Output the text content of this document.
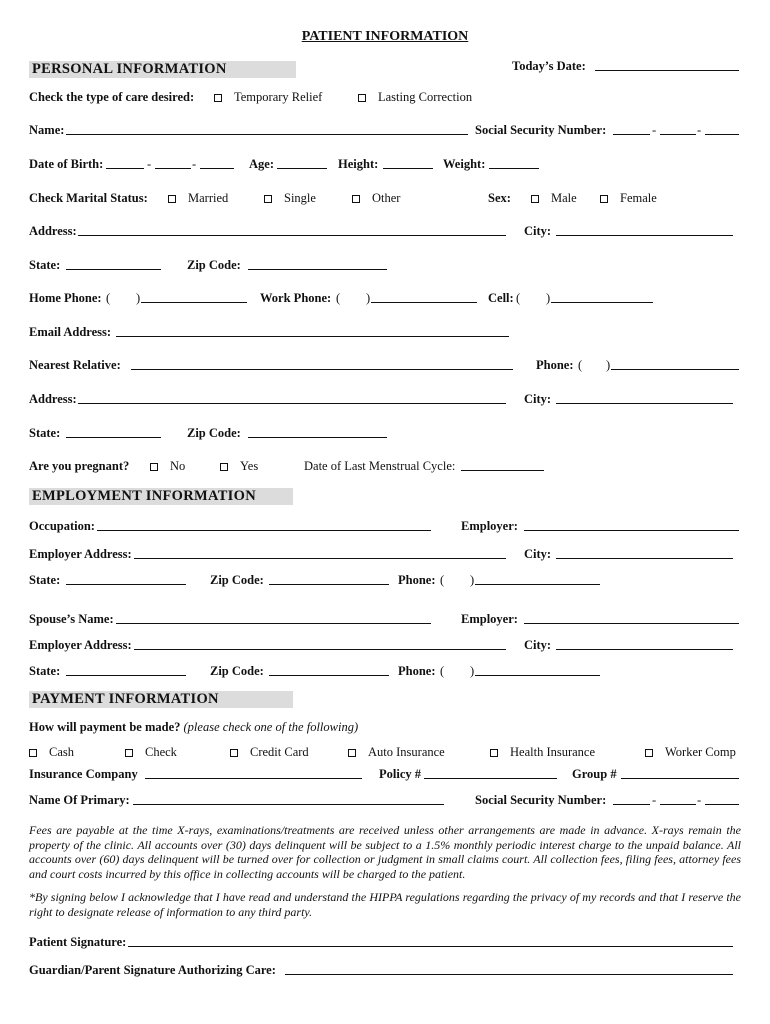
PATIENT INFORMATION
PERSONAL INFORMATION	Today’s Date:
Check the type of care desired:	Temporary Relief	Lasting Correction
Name:	Social Security Number:	-	-
Date of Birth:	-	-	Age:	Height:	Weight:
Check Marital Status:	Married	Single	Other	Sex:	Male	Female
Address:	City:
State:	Zip Code:
Home Phone: ( )	Work Phone: ( )	Cell: ( )
Email Address:
Nearest Relative:	Phone: ( )
Address:	City:
State:	Zip Code:
Are you pregnant?	No	Yes	Date of Last Menstrual Cycle:
EMPLOYMENT INFORMATION
Occupation:	Employer:
Employer Address:	City:
State:	Zip Code:	Phone: ( )
Spouse’s Name:	Employer:
Employer Address:	City:
State:	Zip Code:	Phone: ( )
PAYMENT INFORMATION
How will payment be made? (please check one of the following)
Cash	Check	Credit Card	Auto Insurance	Health Insurance	Worker Comp
Insurance Company	Policy #	Group #
Name Of Primary:	Social Security Number:	-	-
Fees are payable at the time X-rays, examinations/treatments are received unless other arrangements are made in advance. X-rays remain the property of the clinic. All accounts over (30) days delinquent will be subject to a 1.5% monthly periodic interest charge to the unpaid balance. All accounts over (60) days delinquent will be turned over for collection or judgment in small claims court. All collection fees, filing fees, attorney fees and court costs incurred by this office in collecting accounts will be charged to the patient.
*By signing below I acknowledge that I have read and understand the HIPPA regulations regarding the privacy of my records and that I reserve the right to designate release of information to any third party.
Patient Signature:
Guardian/Parent Signature Authorizing Care:
